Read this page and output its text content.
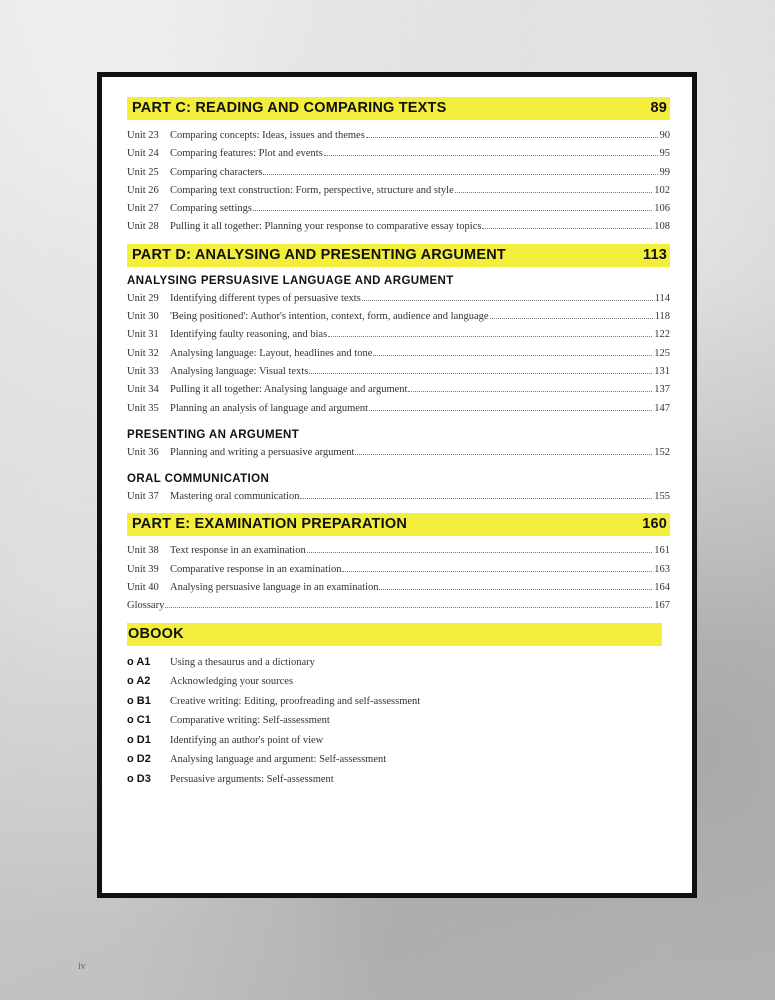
PART C: READING AND COMPARING TEXTS	89
Unit 23	Comparing concepts: Ideas, issues and themes	90
Unit 24	Comparing features: Plot and events	95
Unit 25	Comparing characters	99
Unit 26	Comparing text construction: Form, perspective, structure and style	102
Unit 27	Comparing settings	106
Unit 28	Pulling it all together: Planning your response to comparative essay topics	108
PART D: ANALYSING AND PRESENTING ARGUMENT	113
ANALYSING PERSUASIVE LANGUAGE AND ARGUMENT
Unit 29	Identifying different types of persuasive texts	114
Unit 30	'Being positioned': Author's intention, context, form, audience and language	118
Unit 31	Identifying faulty reasoning, and bias	122
Unit 32	Analysing language: Layout, headlines and tone	125
Unit 33	Analysing language: Visual texts	131
Unit 34	Pulling it all together: Analysing language and argument	137
Unit 35	Planning an analysis of language and argument	147
PRESENTING AN ARGUMENT
Unit 36	Planning and writing a persuasive argument	152
ORAL COMMUNICATION
Unit 37	Mastering oral communication	155
PART E: EXAMINATION PREPARATION	160
Unit 38	Text response in an examination	161
Unit 39	Comparative response in an examination	163
Unit 40	Analysing persuasive language in an examination	164
Glossary	167
OBOOK
o A1	Using a thesaurus and a dictionary
o A2	Acknowledging your sources
o B1	Creative writing: Editing, proofreading and self-assessment
o C1	Comparative writing: Self-assessment
o D1	Identifying an author's point of view
o D2	Analysing language and argument: Self-assessment
o D3	Persuasive arguments: Self-assessment
iv
